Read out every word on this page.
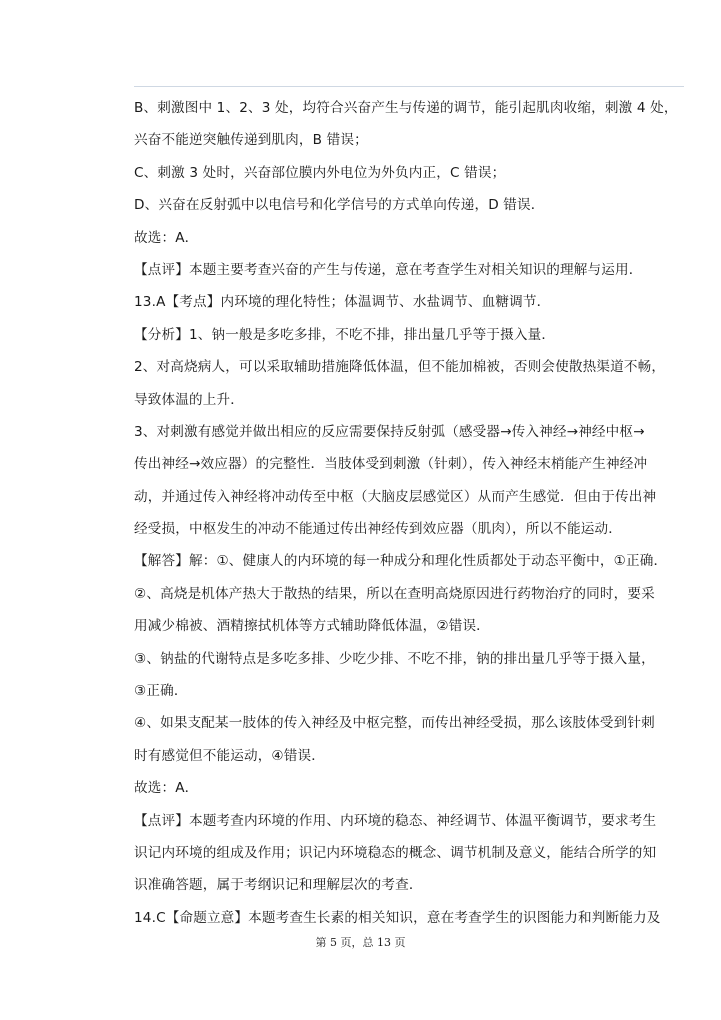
B、刺激图中 1、2、3 处，均符合兴奋产生与传递的调节，能引起肌肉收缩，刺激 4 处，
兴奋不能逆突触传递到肌肉，B 错误；
C、刺激 3 处时，兴奋部位膜内外电位为外负内正，C 错误；
D、兴奋在反射弧中以电信号和化学信号的方式单向传递，D 错误．
故选：A．
【点评】本题主要考查兴奋的产生与传递，意在考查学生对相关知识的理解与运用．
13.A【考点】内环境的理化特性；体温调节、水盐调节、血糖调节．
【分析】1、钠一般是多吃多排，不吃不排，排出量几乎等于摄入量．
2、对高烧病人，可以采取辅助措施降低体温，但不能加棉被，否则会使散热渠道不畅，
导致体温的上升．
3、对刺激有感觉并做出相应的反应需要保持反射弧（感受器→传入神经→神经中枢→
传出神经→效应器）的完整性．当肢体受到刺激（针刺），传入神经末梢能产生神经冲
动，并通过传入神经将冲动传至中枢（大脑皮层感觉区）从而产生感觉．但由于传出神
经受损，中枢发生的冲动不能通过传出神经传到效应器（肌肉），所以不能运动．
【解答】解：①、健康人的内环境的每一种成分和理化性质都处于动态平衡中，①正确．
②、高烧是机体产热大于散热的结果，所以在查明高烧原因进行药物治疗的同时，要采
用减少棉被、酒精擦拭机体等方式辅助降低体温，②错误．
③、钠盐的代谢特点是多吃多排、少吃少排、不吃不排，钠的排出量几乎等于摄入量，
③正确．
④、如果支配某一肢体的传入神经及中枢完整，而传出神经受损，那么该肢体受到针刺
时有感觉但不能运动，④错误．
故选：A．
【点评】本题考查内环境的作用、内环境的稳态、神经调节、体温平衡调节，要求考生
识记内环境的组成及作用；识记内环境稳态的概念、调节机制及意义，能结合所学的知
识准确答题，属于考纲识记和理解层次的考查．
14.C【命题立意】本题考查生长素的相关知识，意在考查学生的识图能力和判断能力及
第 5 页，总 13 页
